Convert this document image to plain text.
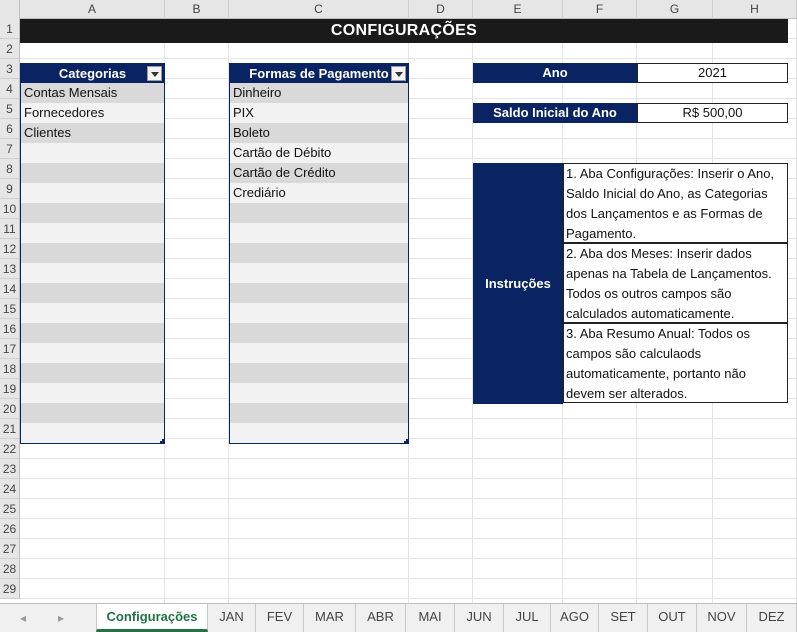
A	B	C	D	E	F	G	H
1
2
3
4
5
6
7
8
9
10
11
12
13
14
15
16
17
18
19
20
21
22
23
24
25
26
27
28
29
CONFIGURAÇÕES
Categorias
Contas Mensais
Fornecedores
Clientes
Formas de Pagamento
Dinheiro
PIX
Boleto
Cartão de Débito
Cartão de Crédito
Crediário
Ano	2021
Saldo Inicial do Ano	R$ 500,00
Instruções
1. Aba Configurações: Inserir o Ano, Saldo Inicial do Ano, as Categorias dos Lançamentos e as Formas de Pagamento.
2. Aba dos Meses: Inserir dados apenas na Tabela de Lançamentos. Todos os outros campos são calculados automaticamente.
3. Aba Resumo Anual: Todos os campos são calculaods automaticamente, portanto não devem ser alterados.
◂	▸	Configurações	JAN	FEV	MAR	ABR	MAI	JUN	JUL	AGO	SET	OUT	NOV	DEZ
